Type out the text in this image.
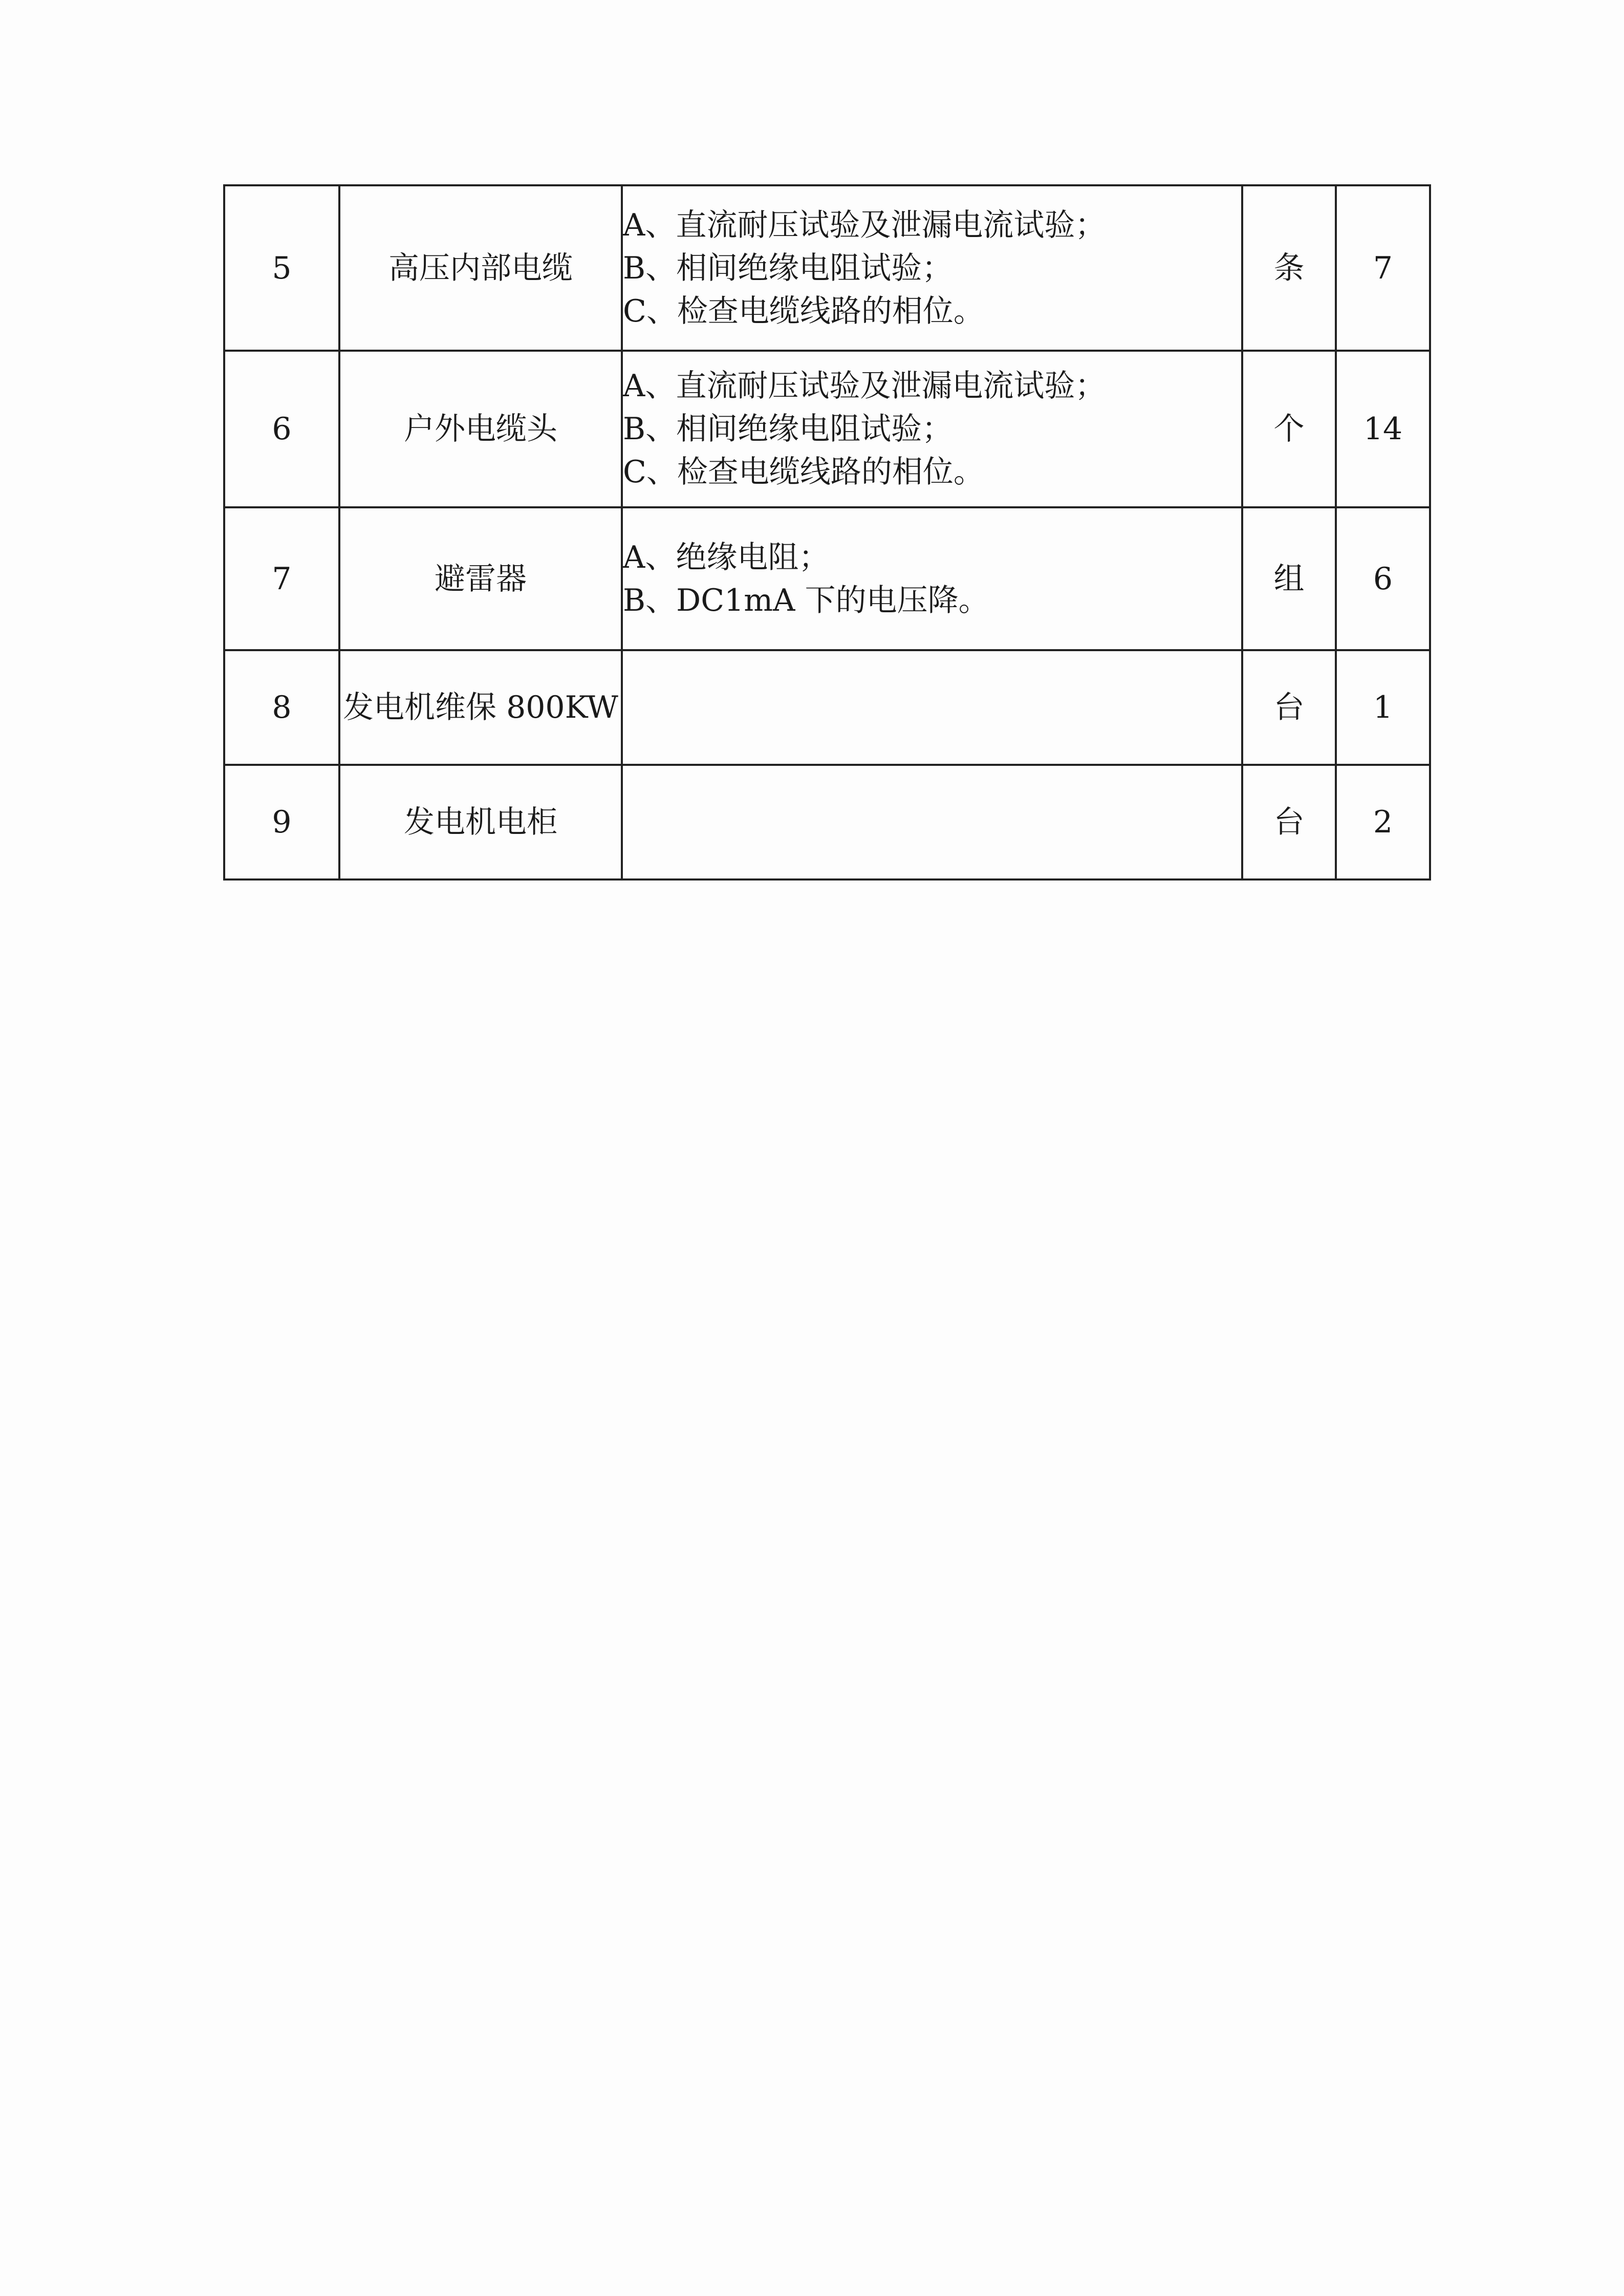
5	高压内部电缆	A、直流耐压试验及泄漏电流试验；
B、相间绝缘电阻试验；
C、检查电缆线路的相位。	条	7
6	户外电缆头	A、直流耐压试验及泄漏电流试验；
B、相间绝缘电阻试验；
C、检查电缆线路的相位。	个	14
7	避雷器	A、绝缘电阻；
B、DC1mA 下的电压降。	组	6
8	发电机维保 800KW		台	1
9	发电机电柜		台	2
